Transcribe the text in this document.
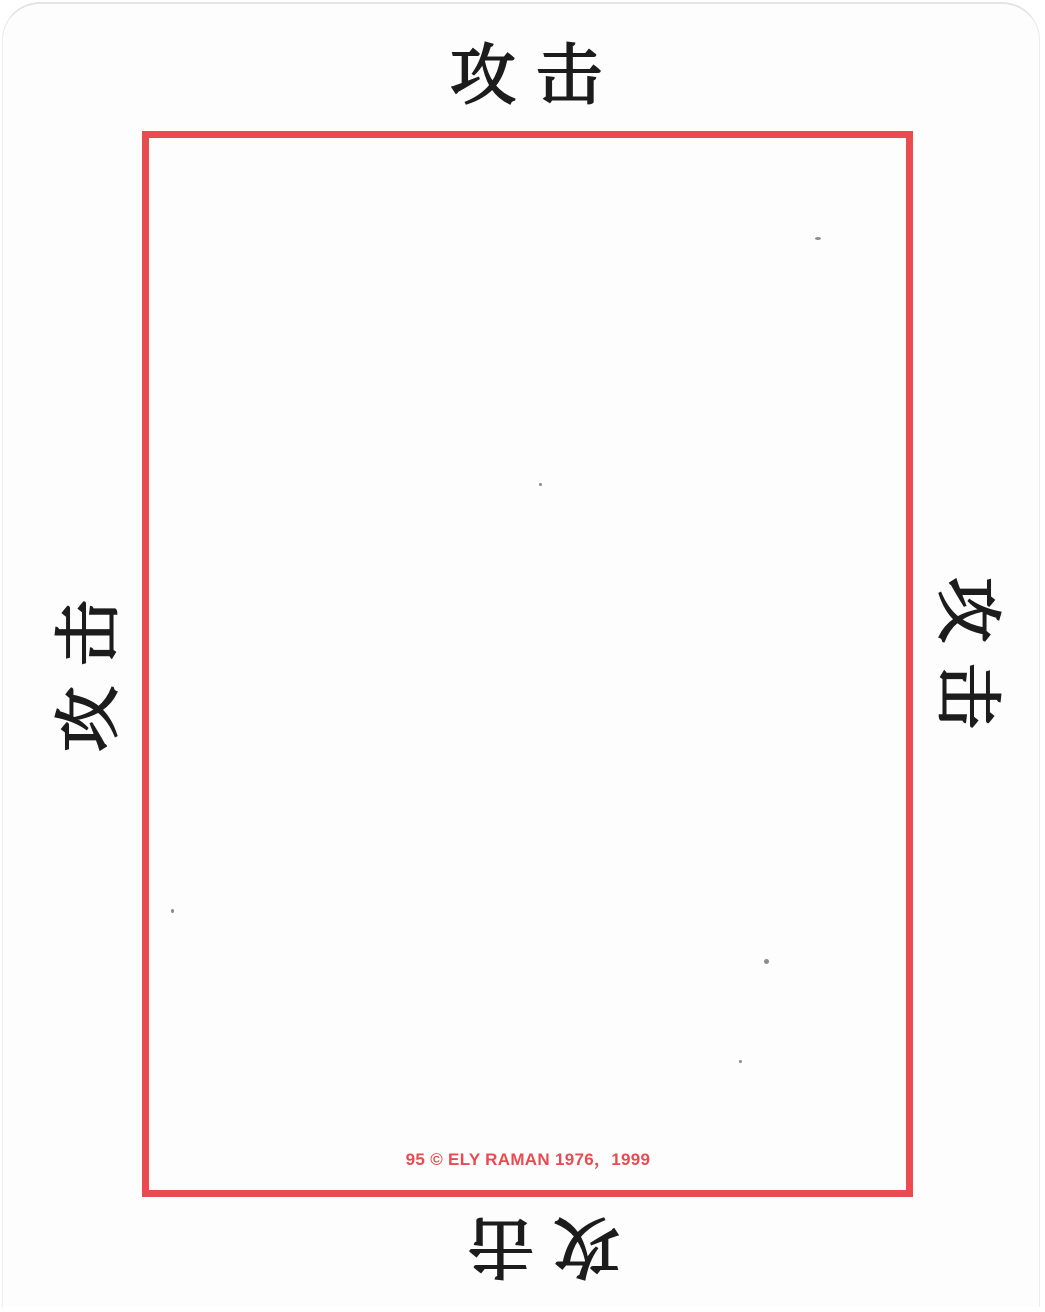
攻击
攻击	攻击
攻击
95 © ELY RAMAN 1976，1999
